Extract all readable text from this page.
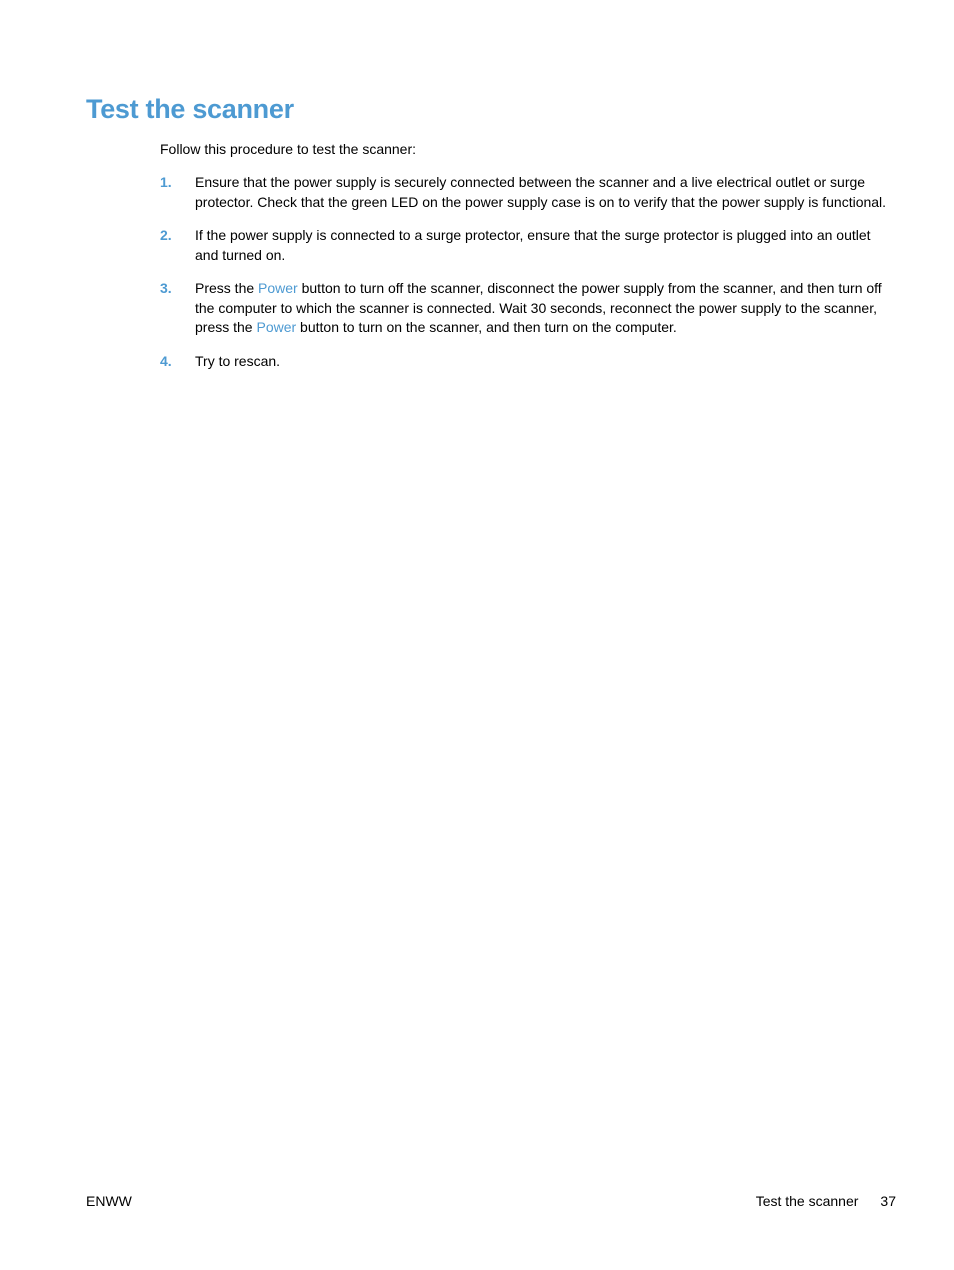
Test the scanner

Follow this procedure to test the scanner:

1. Ensure that the power supply is securely connected between the scanner and a live electrical outlet or surge protector. Check that the green LED on the power supply case is on to verify that the power supply is functional.
2. If the power supply is connected to a surge protector, ensure that the surge protector is plugged into an outlet and turned on.
3. Press the Power button to turn off the scanner, disconnect the power supply from the scanner, and then turn off the computer to which the scanner is connected. Wait 30 seconds, reconnect the power supply to the scanner, press the Power button to turn on the scanner, and then turn on the computer.
4. Try to rescan.
ENWW	Test the scanner 37
